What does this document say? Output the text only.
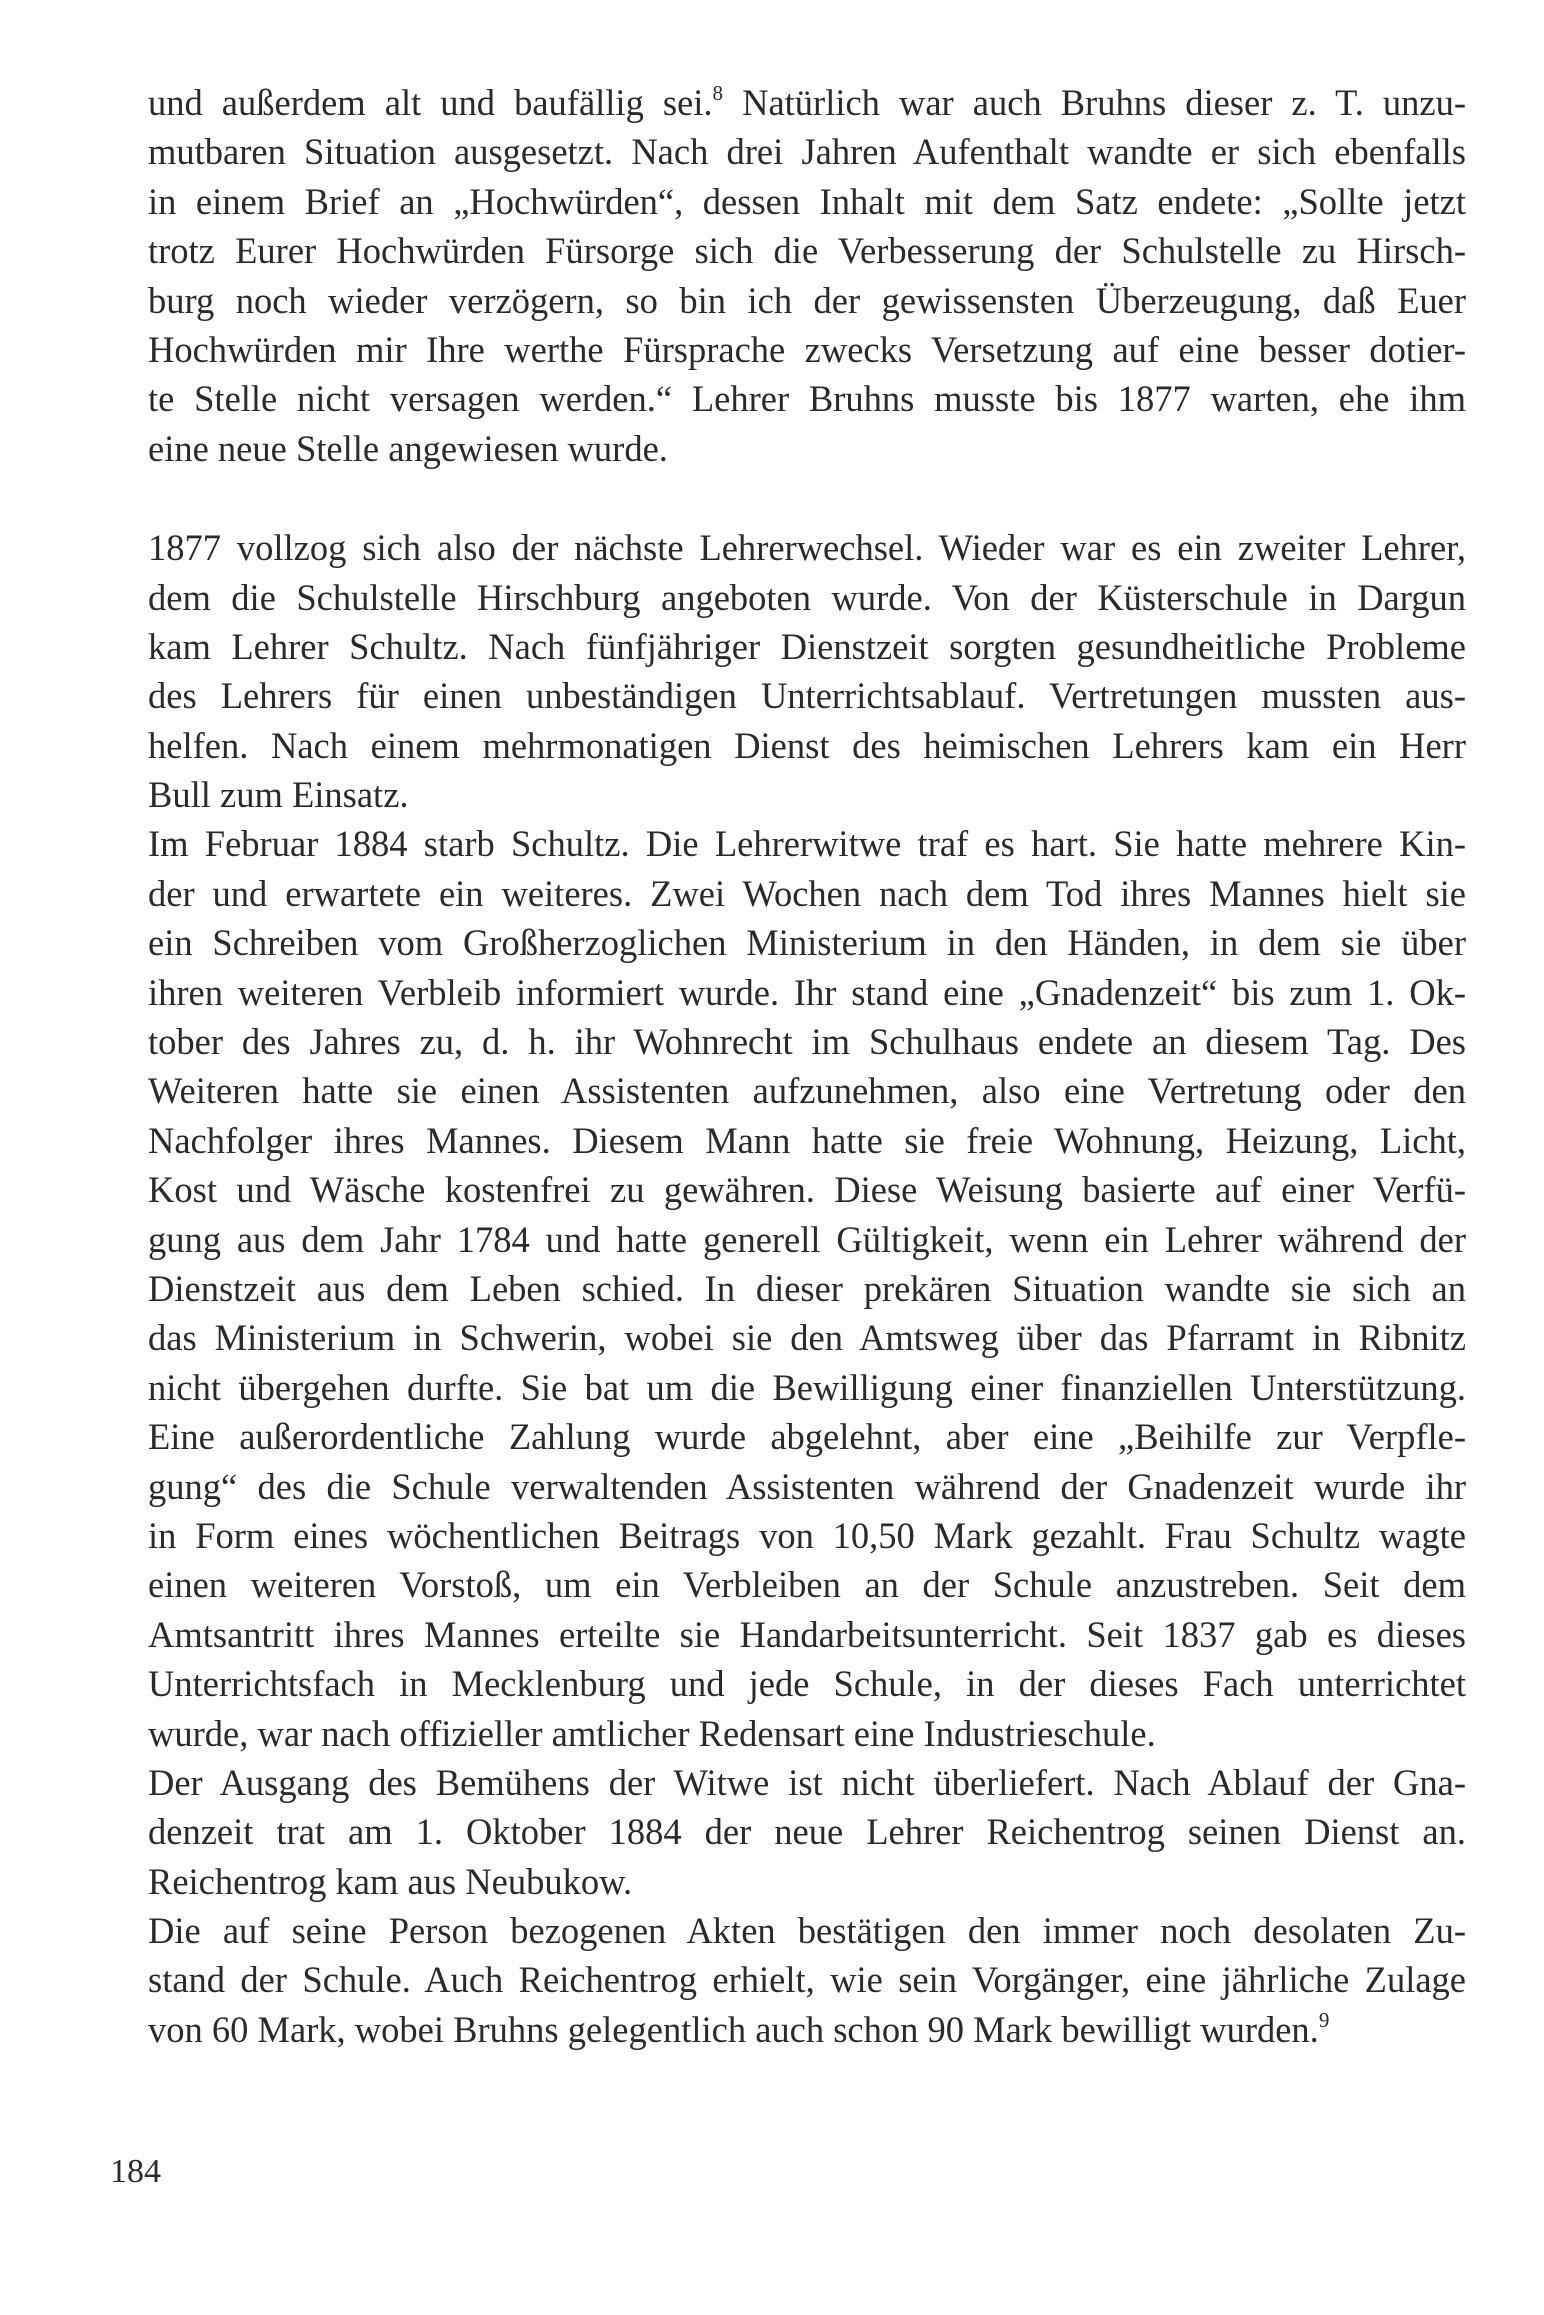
und außerdem alt und baufällig sei.$^8$ Natürlich war auch Bruhns dieser z. T. unzu-
mutbaren Situation ausgesetzt. Nach drei Jahren Aufenthalt wandte er sich ebenfalls
in einem Brief an „Hochwürden“, dessen Inhalt mit dem Satz endete: „Sollte jetzt
trotz Eurer Hochwürden Fürsorge sich die Verbesserung der Schulstelle zu Hirsch-
burg noch wieder verzögern, so bin ich der gewissensten Überzeugung, daß Euer
Hochwürden mir Ihre werthe Fürsprache zwecks Versetzung auf eine besser dotier-
te Stelle nicht versagen werden.“ Lehrer Bruhns musste bis 1877 warten, ehe ihm
eine neue Stelle angewiesen wurde.

1877 vollzog sich also der nächste Lehrerwechsel. Wieder war es ein zweiter Lehrer,
dem die Schulstelle Hirschburg angeboten wurde. Von der Küsterschule in Dargun
kam Lehrer Schultz. Nach fünfjähriger Dienstzeit sorgten gesundheitliche Probleme
des Lehrers für einen unbeständigen Unterrichtsablauf. Vertretungen mussten aus-
helfen. Nach einem mehrmonatigen Dienst des heimischen Lehrers kam ein Herr
Bull zum Einsatz.

Im Februar 1884 starb Schultz. Die Lehrerwitwe traf es hart. Sie hatte mehrere Kin-
der und erwartete ein weiteres. Zwei Wochen nach dem Tod ihres Mannes hielt sie
ein Schreiben vom Großherzoglichen Ministerium in den Händen, in dem sie über
ihren weiteren Verbleib informiert wurde. Ihr stand eine „Gnadenzeit“ bis zum 1. Ok-
tober des Jahres zu, d. h. ihr Wohnrecht im Schulhaus endete an diesem Tag. Des
Weiteren hatte sie einen Assistenten aufzunehmen, also eine Vertretung oder den
Nachfolger ihres Mannes. Diesem Mann hatte sie freie Wohnung, Heizung, Licht,
Kost und Wäsche kostenfrei zu gewähren. Diese Weisung basierte auf einer Verfü-
gung aus dem Jahr 1784 und hatte generell Gültigkeit, wenn ein Lehrer während der
Dienstzeit aus dem Leben schied. In dieser prekären Situation wandte sie sich an
das Ministerium in Schwerin, wobei sie den Amtsweg über das Pfarramt in Ribnitz
nicht übergehen durfte. Sie bat um die Bewilligung einer finanziellen Unterstützung.
Eine außerordentliche Zahlung wurde abgelehnt, aber eine „Beihilfe zur Verpfle-
gung“ des die Schule verwaltenden Assistenten während der Gnadenzeit wurde ihr
in Form eines wöchentlichen Beitrags von 10,50 Mark gezahlt. Frau Schultz wagte
einen weiteren Vorstoß, um ein Verbleiben an der Schule anzustreben. Seit dem
Amtsantritt ihres Mannes erteilte sie Handarbeitsunterricht. Seit 1837 gab es dieses
Unterrichtsfach in Mecklenburg und jede Schule, in der dieses Fach unterrichtet
wurde, war nach offizieller amtlicher Redensart eine Industrieschule.

Der Ausgang des Bemühens der Witwe ist nicht überliefert. Nach Ablauf der Gna-
denzeit trat am 1. Oktober 1884 der neue Lehrer Reichentrog seinen Dienst an.
Reichentrog kam aus Neubukow.

Die auf seine Person bezogenen Akten bestätigen den immer noch desolaten Zu-
stand der Schule. Auch Reichentrog erhielt, wie sein Vorgänger, eine jährliche Zulage
von 60 Mark, wobei Bruhns gelegentlich auch schon 90 Mark bewilligt wurden.$^9$

184
